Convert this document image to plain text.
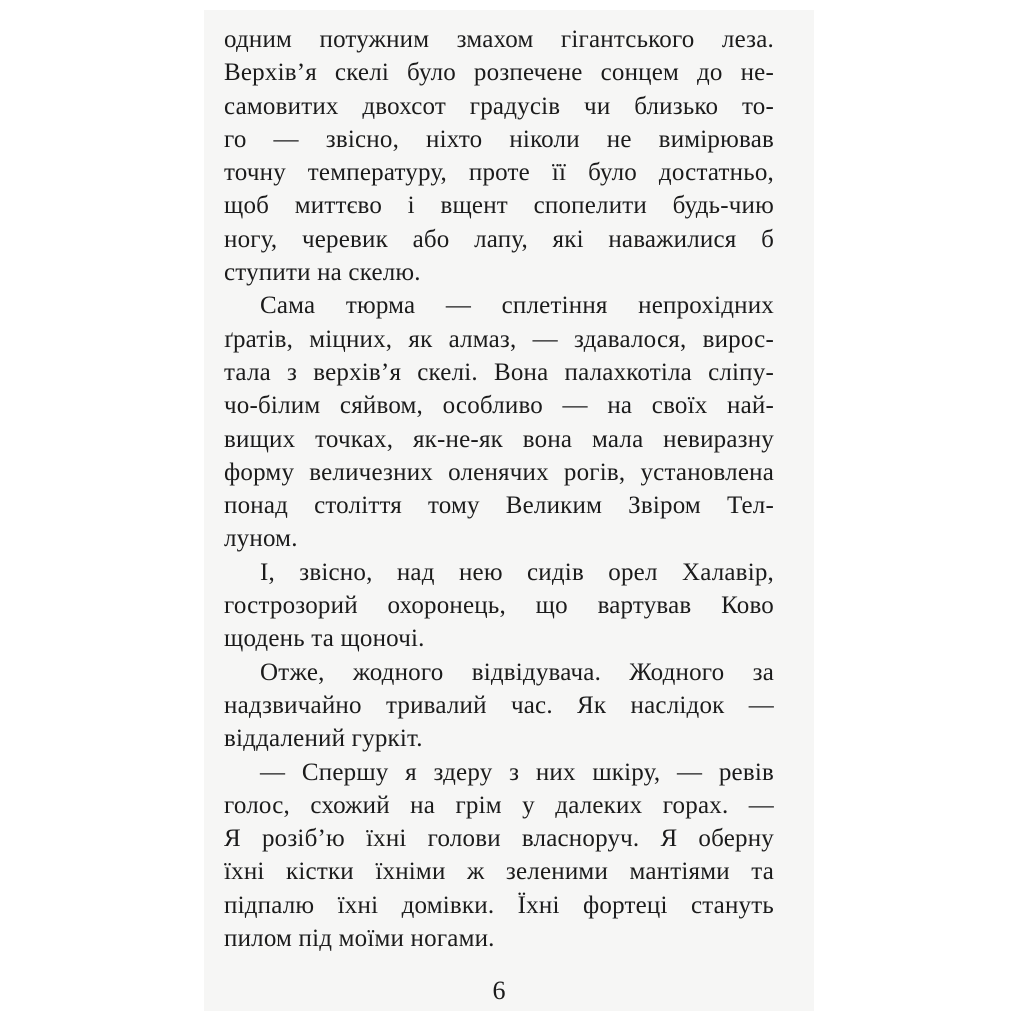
одним потужним змахом гігантського леза.
Верхів’я скелі було розпечене сонцем до не-
самовитих двохсот градусів чи близько то-
го — звісно, ніхто ніколи не вимірював
точну температуру, проте її було достатньо,
щоб миттєво і вщент спопелити будь-чию
ногу, черевик або лапу, які наважилися б
ступити на скелю.
Сама тюрма — сплетіння непрохідних
ґратів, міцних, як алмаз, — здавалося, вирос-
тала з верхів’я скелі. Вона палахкотіла сліпу-
чо-білим сяйвом, особливо — на своїх най-
вищих точках, як-не-як вона мала невиразну
форму величезних оленячих рогів, установлена
понад століття тому Великим Звіром Тел-
луном.
І, звісно, над нею сидів орел Халавір,
гострозорий охоронець, що вартував Ково
щодень та щоночі.
Отже, жодного відвідувача. Жодного за
надзвичайно тривалий час. Як наслідок —
віддалений гуркіт.
— Спершу я здеру з них шкіру, — ревів
голос, схожий на грім у далеких горах. —
Я розіб’ю їхні голови власноруч. Я оберну
їхні кістки їхніми ж зеленими мантіями та
підпалю їхні домівки. Їхні фортеці стануть
пилом під моїми ногами.
6
